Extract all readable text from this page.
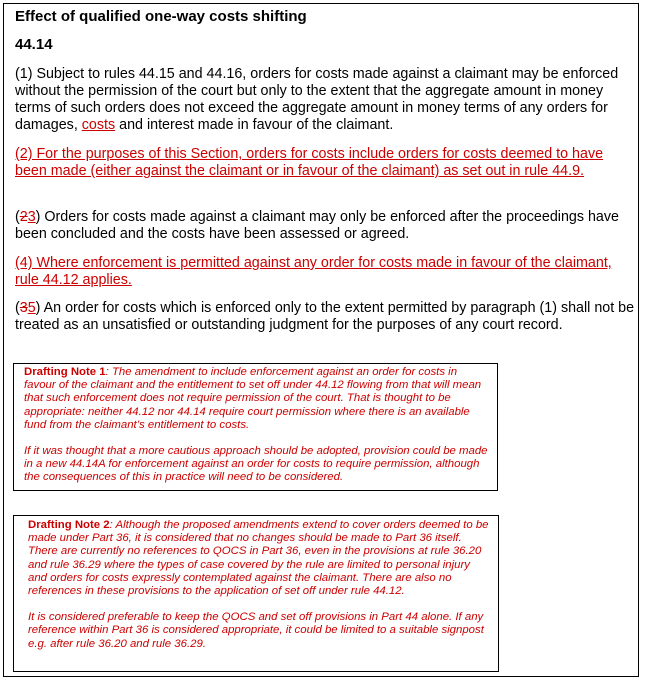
Effect of qualified one-way costs shifting
44.14

(1) Subject to rules 44.15 and 44.16, orders for costs made against a claimant may be enforced without the permission of the court but only to the extent that the aggregate amount in money terms of such orders does not exceed the aggregate amount in money terms of any orders for damages, costs and interest made in favour of the claimant.

(2) For the purposes of this Section, orders for costs include orders for costs deemed to have been made (either against the claimant or in favour of the claimant) as set out in rule 44.9.

(23) Orders for costs made against a claimant may only be enforced after the proceedings have been concluded and the costs have been assessed or agreed.

(4) Where enforcement is permitted against any order for costs made in favour of the claimant, rule 44.12 applies.

(35) An order for costs which is enforced only to the extent permitted by paragraph (1) shall not be treated as an unsatisfied or outstanding judgment for the purposes of any court record.

Drafting Note 1: The amendment to include enforcement against an order for costs in favour of the claimant and the entitlement to set off under 44.12 flowing from that will mean that such enforcement does not require permission of the court. That is thought to be appropriate: neither 44.12 nor 44.14 require court permission where there is an available fund from the claimant’s entitlement to costs.

If it was thought that a more cautious approach should be adopted, provision could be made in a new 44.14A for enforcement against an order for costs to require permission, although the consequences of this in practice will need to be considered.

Drafting Note 2: Although the proposed amendments extend to cover orders deemed to be made under Part 36, it is considered that no changes should be made to Part 36 itself. There are currently no references to QOCS in Part 36, even in the provisions at rule 36.20 and rule 36.29 where the types of case covered by the rule are limited to personal injury and orders for costs expressly contemplated against the claimant. There are also no references in these provisions to the application of set off under rule 44.12.

It is considered preferable to keep the QOCS and set off provisions in Part 44 alone. If any reference within Part 36 is considered appropriate, it could be limited to a suitable signpost e.g. after rule 36.20 and rule 36.29.
